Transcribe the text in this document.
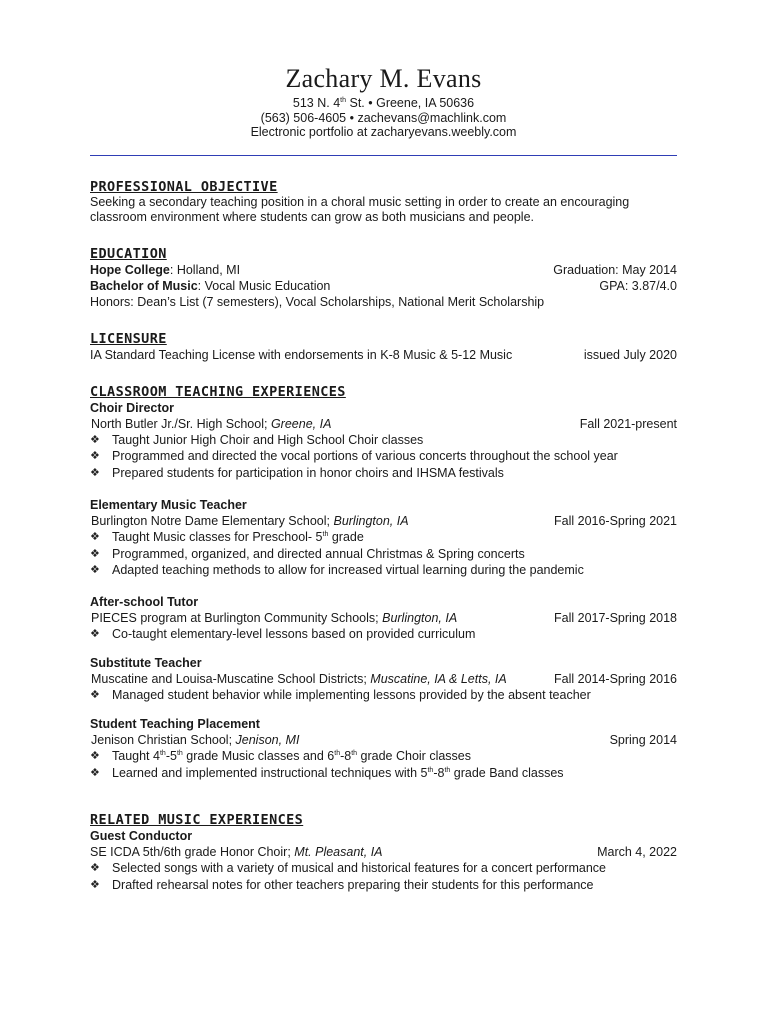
Zachary M. Evans
513 N. 4th St. • Greene, IA 50636
(563) 506-4605 • zachevans@machlink.com
Electronic portfolio at zacharyevans.weebly.com
PROFESSIONAL OBJECTIVE
Seeking a secondary teaching position in a choral music setting in order to create an encouraging classroom environment where students can grow as both musicians and people.
EDUCATION
Hope College: Holland, MI	Graduation: May 2014
Bachelor of Music: Vocal Music Education	GPA: 3.87/4.0
Honors: Dean’s List (7 semesters), Vocal Scholarships, National Merit Scholarship
LICENSURE
IA Standard Teaching License with endorsements in K-8 Music & 5-12 Music	issued July 2020
CLASSROOM TEACHING EXPERIENCES
Choir Director
North Butler Jr./Sr. High School; Greene, IA	Fall 2021-present
❖ Taught Junior High Choir and High School Choir classes
❖ Programmed and directed the vocal portions of various concerts throughout the school year
❖ Prepared students for participation in honor choirs and IHSMA festivals
Elementary Music Teacher
Burlington Notre Dame Elementary School; Burlington, IA	Fall 2016-Spring 2021
❖ Taught Music classes for Preschool- 5th grade
❖ Programmed, organized, and directed annual Christmas & Spring concerts
❖ Adapted teaching methods to allow for increased virtual learning during the pandemic
After-school Tutor
PIECES program at Burlington Community Schools; Burlington, IA	Fall 2017-Spring 2018
❖ Co-taught elementary-level lessons based on provided curriculum
Substitute Teacher
Muscatine and Louisa-Muscatine School Districts; Muscatine, IA & Letts, IA	Fall 2014-Spring 2016
❖ Managed student behavior while implementing lessons provided by the absent teacher
Student Teaching Placement
Jenison Christian School; Jenison, MI	Spring 2014
❖ Taught 4th-5th grade Music classes and 6th-8th grade Choir classes
❖ Learned and implemented instructional techniques with 5th-8th grade Band classes
RELATED MUSIC EXPERIENCES
Guest Conductor
SE ICDA 5th/6th grade Honor Choir; Mt. Pleasant, IA	March 4, 2022
❖ Selected songs with a variety of musical and historical features for a concert performance
❖ Drafted rehearsal notes for other teachers preparing their students for this performance
